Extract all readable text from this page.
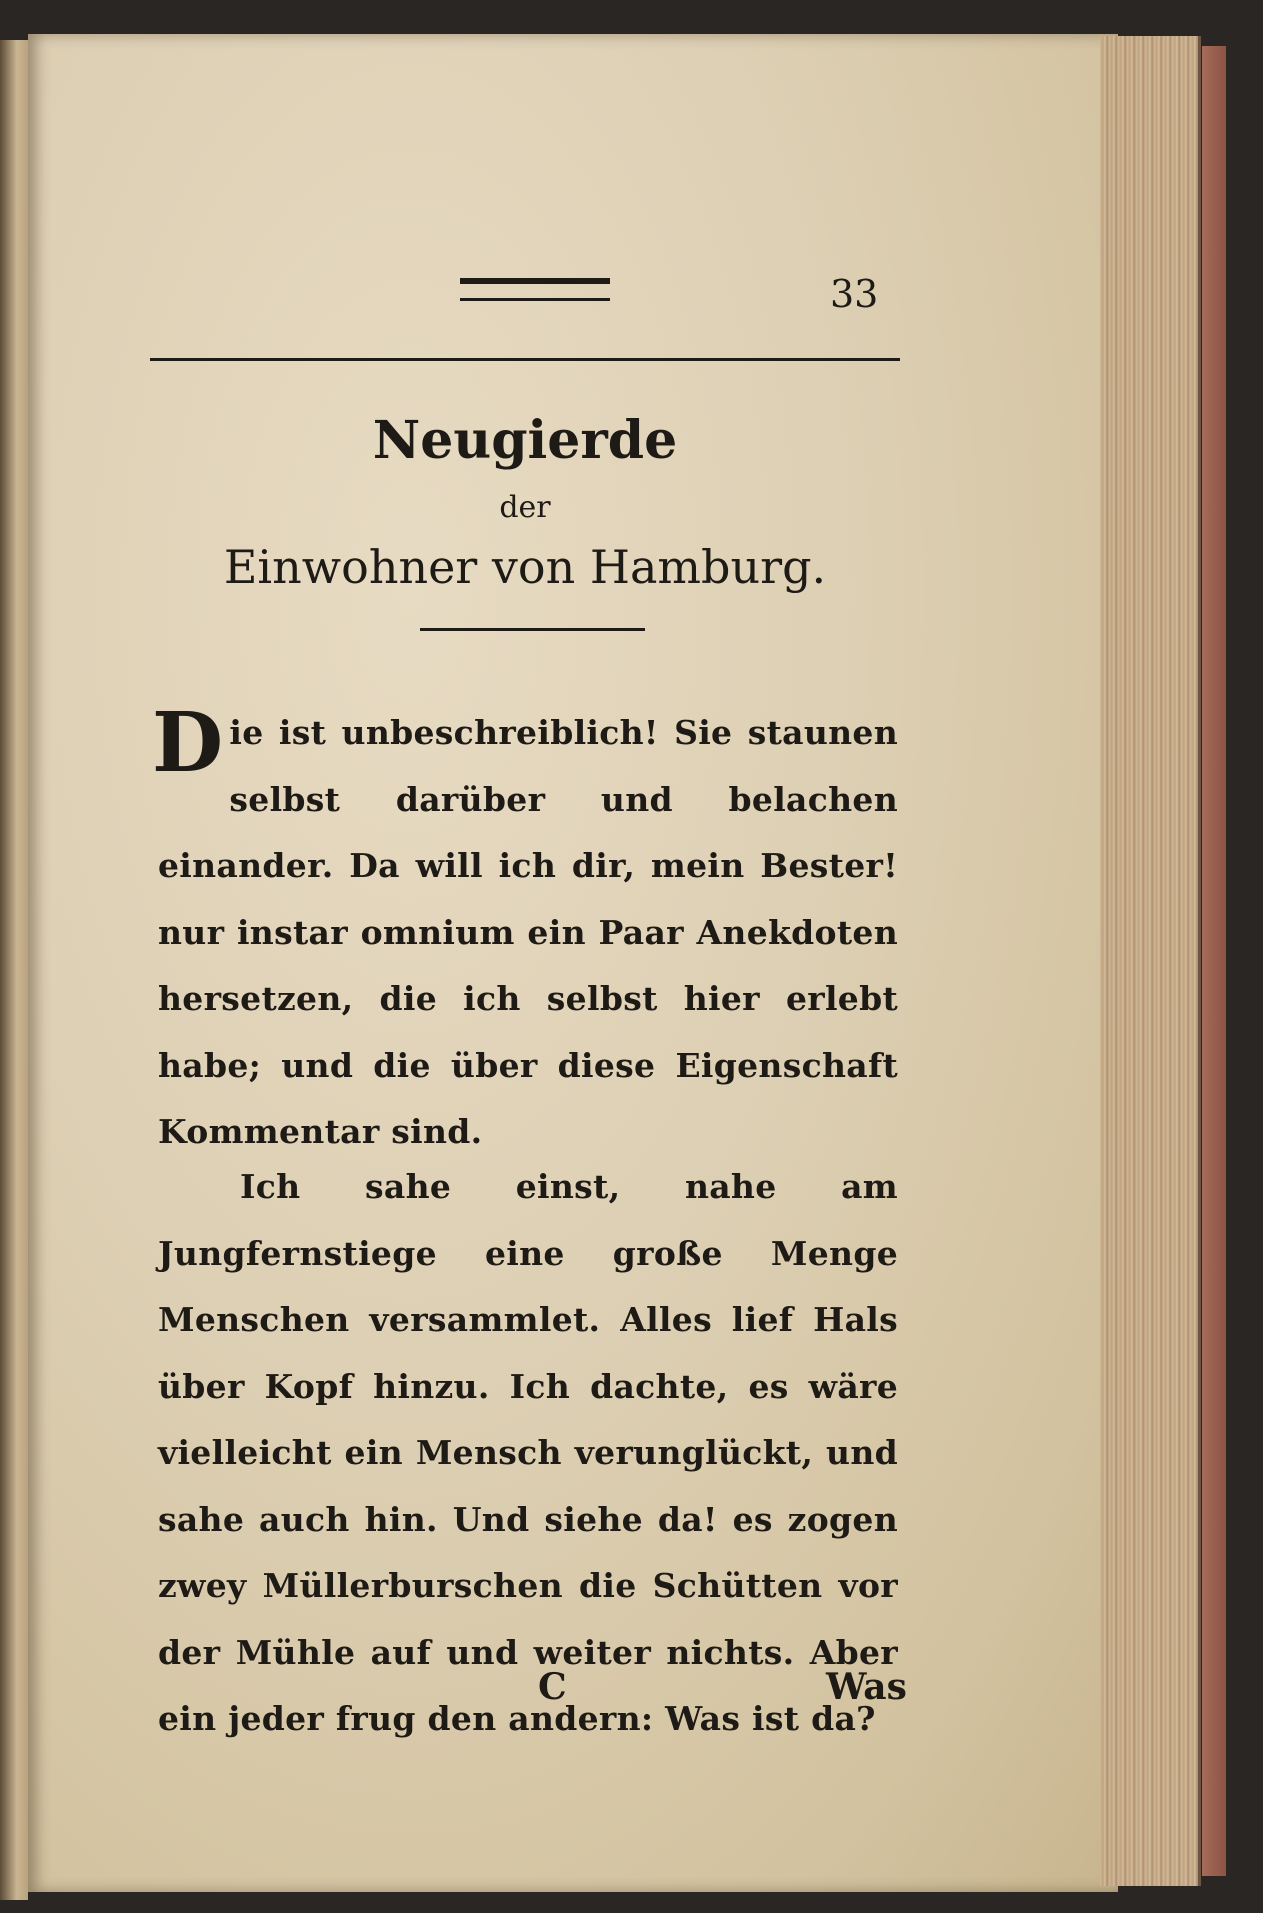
33
Neugierde
der
Einwohner von Hamburg.
Die ist unbeschreiblich! Sie staunen selbst darüber und belachen einander. Da will ich dir, mein Bester! nur instar omnium ein Paar Anekdoten hersetzen, die ich selbst hier erlebt habe; und die über diese Eigenschaft Kommentar sind.
Ich sahe einst, nahe am Jungfernstiege eine große Menge Menschen versammlet. Alles lief Hals über Kopf hinzu. Ich dachte, es wäre vielleicht ein Mensch verunglückt, und sahe auch hin. Und siehe da! es zogen zwey Müllerburschen die Schütten vor der Mühle auf und weiter nichts. Aber ein jeder frug den andern: Was ist da?
C	Was
